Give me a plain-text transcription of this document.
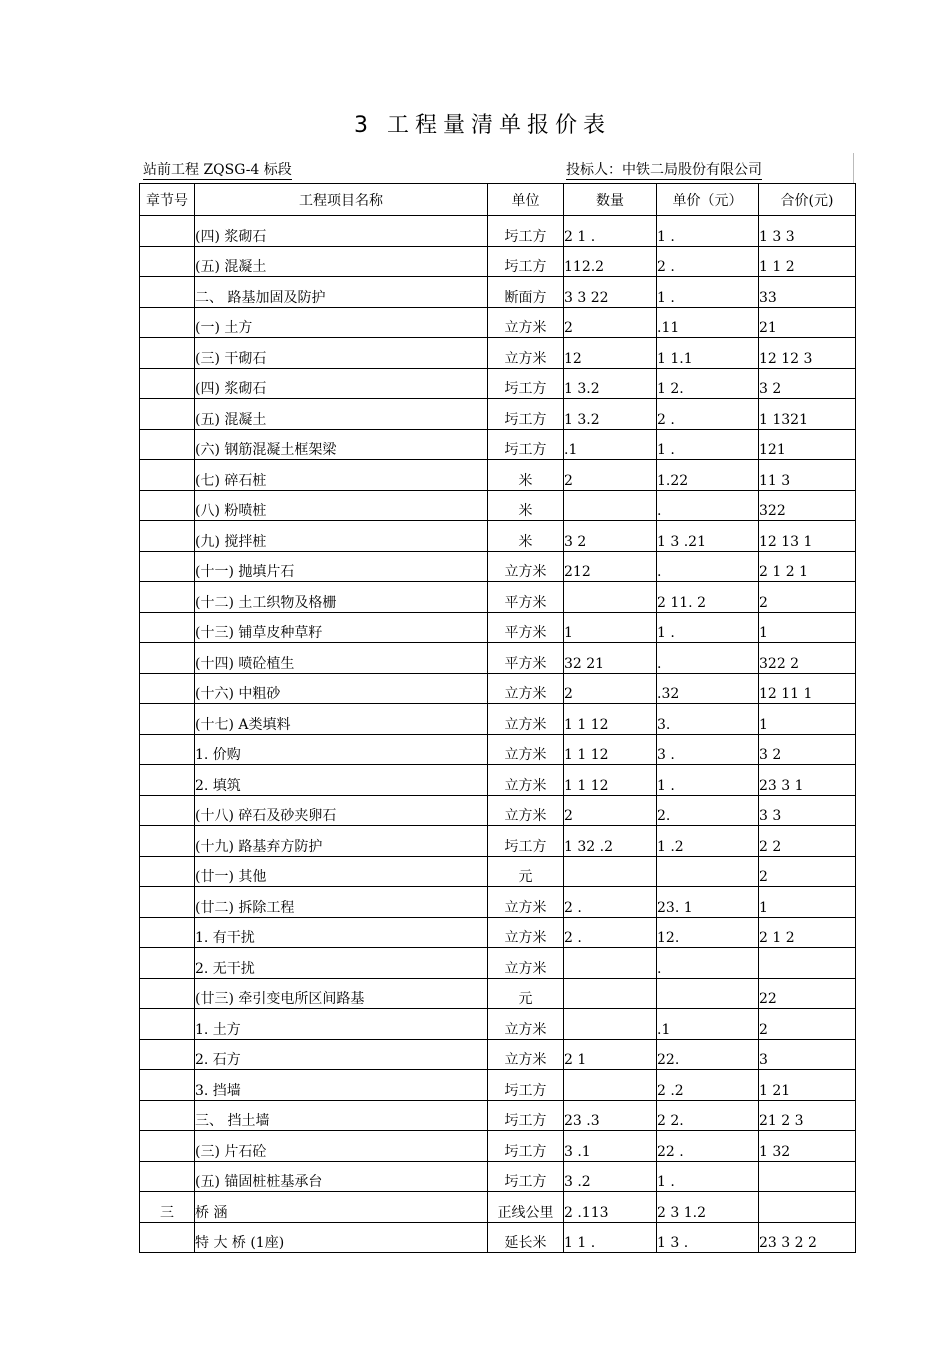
3 工程量清单报价表
站前工程 ZQSG-4 标段	投标人：中铁二局股份有限公司
章节号	工程项目名称	单位	数量	单价（元）	合价(元)
	(四) 浆砌石	圬工方	2 1 .	1 .	1 3 3
	(五) 混凝土	圬工方	112.2	2 .	1 1 2
	二、 路基加固及防护	断面方	3 3 22	1 .	33
	(一) 土方	立方米	2	.11	21
	(三) 干砌石	立方米	12	1 1.1	12 12 3
	(四) 浆砌石	圬工方	1 3.2	1 2.	3 2
	(五) 混凝土	圬工方	1 3.2	2 .	1 1321
	(六) 钢筋混凝土框架梁	圬工方	.1	1 .	121
	(七) 碎石桩	米	2	1.22	11 3
	(八) 粉喷桩	米		.	322
	(九) 搅拌桩	米	3 2	1 3 .21	12 13 1
	(十一) 抛填片石	立方米	212	.	2 1 2 1
	(十二) 土工织物及格栅	平方米		2 11. 2	2
	(十三) 铺草皮种草籽	平方米	1	1 .	1
	(十四) 喷砼植生	平方米	32 21	.	322 2
	(十六) 中粗砂	立方米	2	.32	12 11 1
	(十七) A类填料	立方米	1 1 12	3.	1
	1. 价购	立方米	1 1 12	3 .	3 2
	2. 填筑	立方米	1 1 12	1 .	23 3 1
	(十八) 碎石及砂夹卵石	立方米	2	2.	3 3
	(十九) 路基弃方防护	圬工方	1 32 .2	1 .2	2 2
	(廿一) 其他	元			2
	(廿二) 拆除工程	立方米	2 .	23. 1	1
	1. 有干扰	立方米	2 .	12.	2 1 2
	2. 无干扰	立方米		.	
	(廿三) 牵引变电所区间路基	元			22
	1. 土方	立方米		.1	2
	2. 石方	立方米	2 1	22.	3
	3. 挡墙	圬工方		2 .2	1 21
	三、 挡土墙	圬工方	23 .3	2 2.	21 2 3
	(三) 片石砼	圬工方	3 .1	22 .	1 32
	(五) 锚固桩桩基承台	圬工方	3 .2	1 .	
三	桥 涵	正线公里	2 .113	2 3 1.2	
	特 大 桥 (1座)	延长米	1 1 .	1 3 .	23 3 2 2
